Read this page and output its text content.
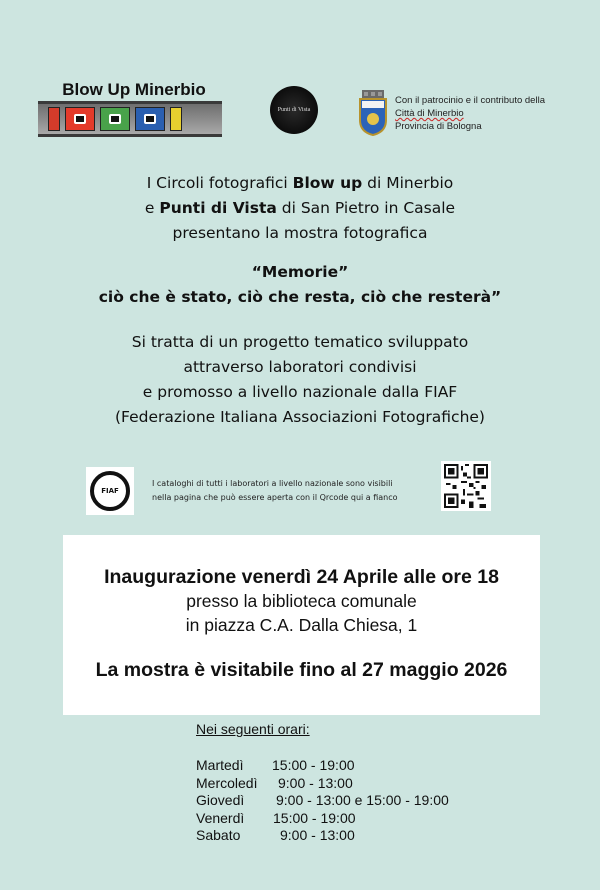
Blow Up Minerbio
Punti di Vista
Con il patrocinio e il contributo della
Città di Minerbio
Provincia di Bologna
I Circoli fotografici Blow up di Minerbio
e Punti di Vista di San Pietro in Casale
presentano la mostra fotografica
“Memorie”
ciò che è stato, ciò che resta, ciò che resterà”
Si tratta di un progetto tematico sviluppato
attraverso laboratori condivisi
e promosso a livello nazionale dalla FIAF
(Federazione Italiana Associazioni Fotografiche)
FIAF
I cataloghi di tutti i laboratori a livello nazionale sono visibili
nella pagina che può essere aperta con il Qrcode qui a fianco
Inaugurazione venerdì 24 Aprile alle ore 18
presso la biblioteca comunale
in piazza C.A. Dalla Chiesa, 1
La mostra è visitabile fino al 27 maggio 2026
Nei seguenti orari:
Martedì	15:00 - 19:00
Mercoledì	9:00 - 13:00
Giovedì	9:00 - 13:00 e 15:00 - 19:00
Venerdì	15:00 - 19:00
Sabato	9:00 - 13:00
